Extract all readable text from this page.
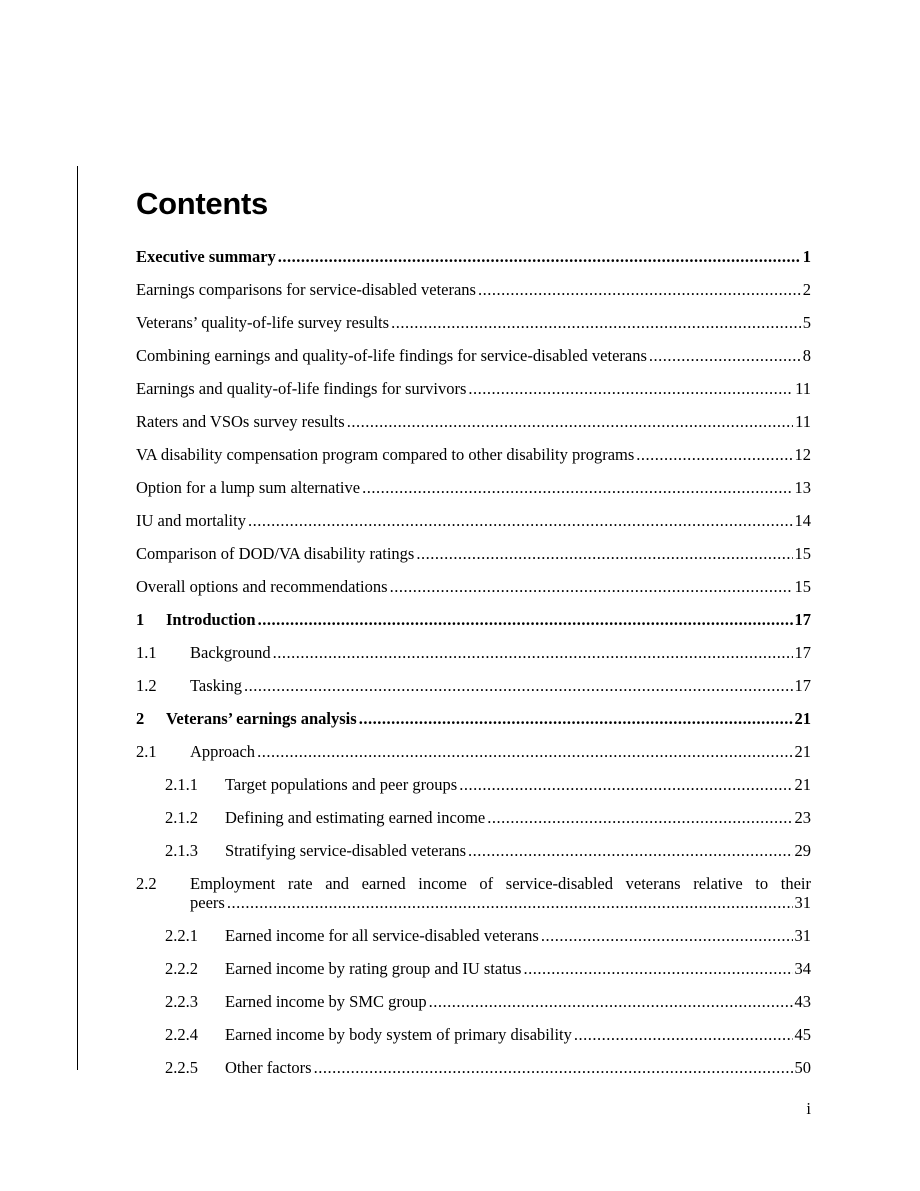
Contents
Executive summary .....	1
Earnings comparisons for service-disabled veterans .....	2
Veterans’ quality-of-life survey results .....	5
Combining earnings and quality-of-life findings for service-disabled veterans .....	8
Earnings and quality-of-life findings for survivors .....	11
Raters and VSOs survey results .....	11
VA disability compensation program compared to other disability programs .....	12
Option for a lump sum alternative .....	13
IU and mortality .....	14
Comparison of DOD/VA disability ratings .....	15
Overall options and recommendations .....	15
1	Introduction .....	17
1.1	Background .....	17
1.2	Tasking .....	17
2	Veterans’ earnings analysis .....	21
2.1	Approach .....	21
2.1.1	Target populations and peer groups .....	21
2.1.2	Defining and estimating earned income .....	23
2.1.3	Stratifying service-disabled veterans .....	29
2.2	Employment rate and earned income of service-disabled veterans relative to their
peers .....	31
2.2.1	Earned income for all service-disabled veterans .....	31
2.2.2	Earned income by rating group and IU status .....	34
2.2.3	Earned income by SMC group .....	43
2.2.4	Earned income by body system of primary disability .....	45
2.2.5	Other factors .....	50
i
